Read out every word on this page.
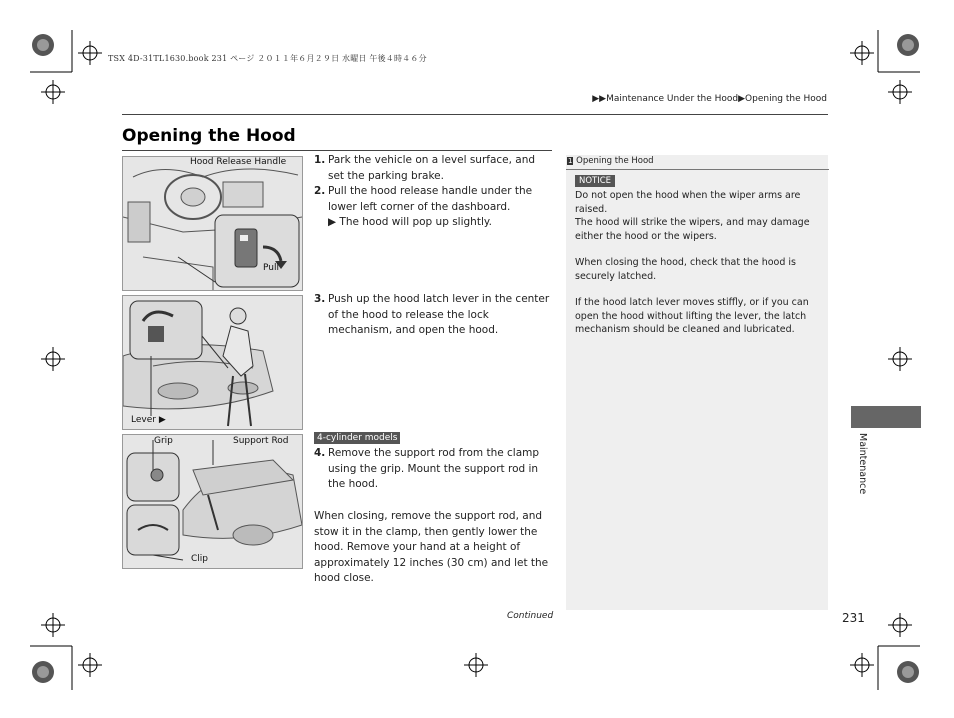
TSX 4D-31TL1630.book 231 ページ ２０１１年６月２９日 水曜日 午後４時４６分
▶▶Maintenance Under the Hood▶Opening the Hood
Opening the Hood
Hood Release Handle
Pull
Lever ▶
Grip	Support Rod
Clip
1. Park the vehicle on a level surface, and set the parking brake.
2. Pull the hood release handle under the lower left corner of the dashboard.
▶ The hood will pop up slightly.
3. Push up the hood latch lever in the center of the hood to release the lock mechanism, and open the hood.
4. Remove the support rod from the clamp using the grip. Mount the support rod in the hood.
4-cylinder models
When closing, remove the support rod, and stow it in the clamp, then gently lower the hood. Remove your hand at a height of approximately 12 inches (30 cm) and let the hood close.
1 Opening the Hood
NOTICE
Do not open the hood when the wiper arms are raised.
The hood will strike the wipers, and may damage either the hood or the wipers.
When closing the hood, check that the hood is securely latched.
If the hood latch lever moves stiffly, or if you can open the hood without lifting the lever, the latch mechanism should be cleaned and lubricated.
Continued	231
Maintenance
